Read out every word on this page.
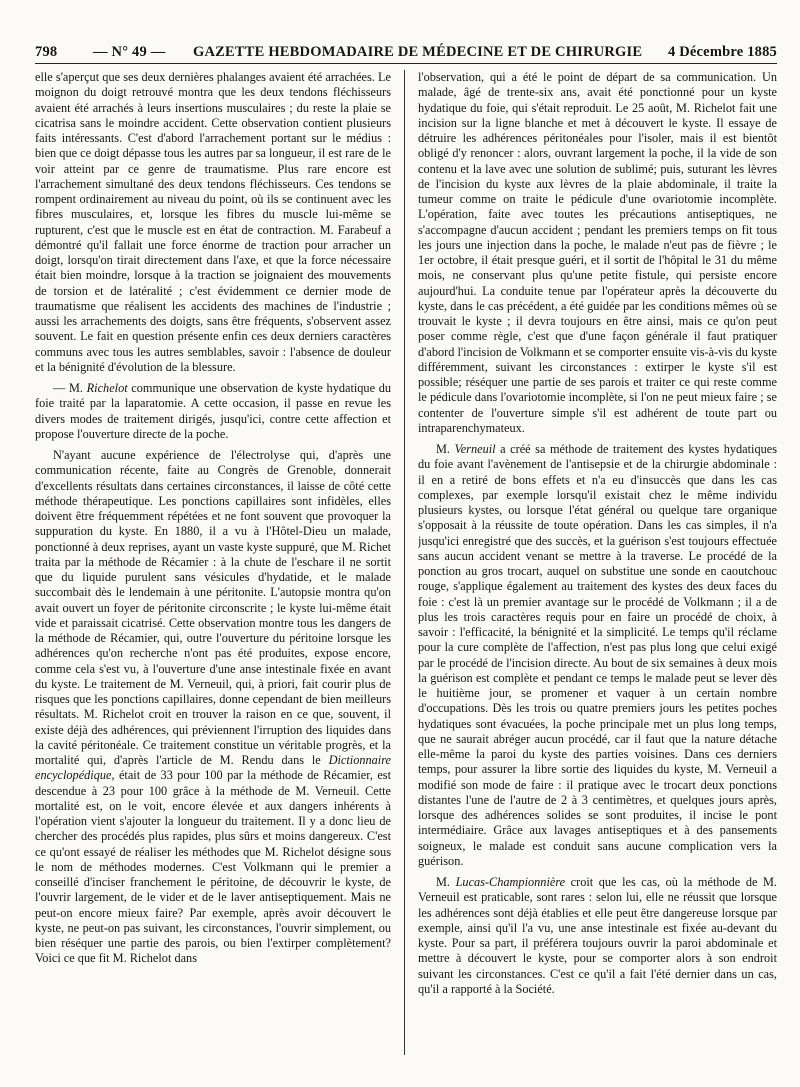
798 — N° 49 — GAZETTE HEBDOMADAIRE DE MÉDECINE ET DE CHIRURGIE 4 Décembre 1885

elle s'aperçut que ses deux dernières phalanges avaient été arrachées. Le moignon du doigt retrouvé montra que les deux tendons fléchisseurs avaient été arrachés à leurs insertions musculaires ; du reste la plaie se cicatrisa sans le moindre accident. Cette observation contient plusieurs faits intéressants. C'est d'abord l'arrachement portant sur le médius : bien que ce doigt dépasse tous les autres par sa longueur, il est rare de le voir atteint par ce genre de traumatisme. Plus rare encore est l'arrachement simultané des deux tendons fléchisseurs. Ces tendons se rompent ordinairement au niveau du point, où ils se continuent avec les fibres musculaires, et, lorsque les fibres du muscle lui-même se rupturent, c'est que le muscle est en état de contraction. M. Farabeuf a démontré qu'il fallait une force énorme de traction pour arracher un doigt, lorsqu'on tirait directement dans l'axe, et que la force nécessaire était bien moindre, lorsque à la traction se joignaient des mouvements de torsion et de latéralité ; c'est évidemment ce dernier mode de traumatisme que réalisent les accidents des machines de l'industrie ; aussi les arrachements des doigts, sans être fréquents, s'observent assez souvent. Le fait en question présente enfin ces deux derniers caractères communs avec tous les autres semblables, savoir : l'absence de douleur et la bénignité d'évolution de la blessure.

— M. Richelot communique une observation de kyste hydatique du foie traité par la laparatomie. A cette occasion, il passe en revue les divers modes de traitement dirigés, jusqu'ici, contre cette affection et propose l'ouverture directe de la poche.

N'ayant aucune expérience de l'électrolyse qui, d'après une communication récente, faite au Congrès de Grenoble, donnerait d'excellents résultats dans certaines circonstances, il laisse de côté cette méthode thérapeutique. Les ponctions capillaires sont infidèles, elles doivent être fréquemment répétées et ne font souvent que provoquer la suppuration du kyste. En 1880, il a vu à l'Hôtel-Dieu un malade, ponctionné à deux reprises, ayant un vaste kyste suppuré, que M. Richet traita par la méthode de Récamier : à la chute de l'eschare il ne sortit que du liquide purulent sans vésicules d'hydatide, et le malade succombait dès le lendemain à une péritonite. L'autopsie montra qu'on avait ouvert un foyer de péritonite circonscrite ; le kyste lui-même était vide et paraissait cicatrisé. Cette observation montre tous les dangers de la méthode de Récamier, qui, outre l'ouverture du péritoine lorsque les adhérences qu'on recherche n'ont pas été produites, expose encore, comme cela s'est vu, à l'ouverture d'une anse intestinale fixée en avant du kyste. Le traitement de M. Verneuil, qui, à priori, fait courir plus de risques que les ponctions capillaires, donne cependant de bien meilleurs résultats. M. Richelot croit en trouver la raison en ce que, souvent, il existe déjà des adhérences, qui préviennent l'irruption des liquides dans la cavité péritonéale. Ce traitement constitue un véritable progrès, et la mortalité qui, d'après l'article de M. Rendu dans le Dictionnaire encyclopédique, était de 33 pour 100 par la méthode de Récamier, est descendue à 23 pour 100 grâce à la méthode de M. Verneuil. Cette mortalité est, on le voit, encore élevée et aux dangers inhérents à l'opération vient s'ajouter la longueur du traitement. Il y a donc lieu de chercher des procédés plus rapides, plus sûrs et moins dangereux. C'est ce qu'ont essayé de réaliser les méthodes que M. Richelot désigne sous le nom de méthodes modernes. C'est Volkmann qui le premier a conseillé d'inciser franchement le péritoine, de découvrir le kyste, de l'ouvrir largement, de le vider et de le laver antiseptiquement. Mais ne peut-on encore mieux faire? Par exemple, après avoir découvert le kyste, ne peut-on pas suivant, les circonstances, l'ouvrir simplement, ou bien réséquer une partie des parois, ou bien l'extirper complètement? Voici ce que fit M. Richelot dans

l'observation, qui a été le point de départ de sa communication. Un malade, âgé de trente-six ans, avait été ponctionné pour un kyste hydatique du foie, qui s'était reproduit. Le 25 août, M. Richelot fait une incision sur la ligne blanche et met à découvert le kyste. Il essaye de détruire les adhérences péritonéales pour l'isoler, mais il est bientôt obligé d'y renoncer : alors, ouvrant largement la poche, il la vide de son contenu et la lave avec une solution de sublimé; puis, suturant les lèvres de l'incision du kyste aux lèvres de la plaie abdominale, il traite la tumeur comme on traite le pédicule d'une ovariotomie incomplète. L'opération, faite avec toutes les précautions antiseptiques, ne s'accompagne d'aucun accident ; pendant les premiers temps on fit tous les jours une injection dans la poche, le malade n'eut pas de fièvre ; le 1er octobre, il était presque guéri, et il sortit de l'hôpital le 31 du même mois, ne conservant plus qu'une petite fistule, qui persiste encore aujourd'hui. La conduite tenue par l'opérateur après la découverte du kyste, dans le cas précédent, a été guidée par les conditions mêmes où se trouvait le kyste ; il devra toujours en être ainsi, mais ce qu'on peut poser comme règle, c'est que d'une façon générale il faut pratiquer d'abord l'incision de Volkmann et se comporter ensuite vis-à-vis du kyste différemment, suivant les circonstances : extirper le kyste s'il est possible; réséquer une partie de ses parois et traiter ce qui reste comme le pédicule dans l'ovariotomie incomplète, si l'on ne peut mieux faire ; se contenter de l'ouverture simple s'il est adhérent de toute part ou intraparenchymateux.

M. Verneuil a créé sa méthode de traitement des kystes hydatiques du foie avant l'avènement de l'antisepsie et de la chirurgie abdominale : il en a retiré de bons effets et n'a eu d'insuccès que dans les cas complexes, par exemple lorsqu'il existait chez le même individu plusieurs kystes, ou lorsque l'état général ou quelque tare organique s'opposait à la réussite de toute opération. Dans les cas simples, il n'a jusqu'ici enregistré que des succès, et la guérison s'est toujours effectuée sans aucun accident venant se mettre à la traverse. Le procédé de la ponction au gros trocart, auquel on substitue une sonde en caoutchouc rouge, s'applique également au traitement des kystes des deux faces du foie : c'est là un premier avantage sur le procédé de Volkmann ; il a de plus les trois caractères requis pour en faire un procédé de choix, à savoir : l'efficacité, la bénignité et la simplicité. Le temps qu'il réclame pour la cure complète de l'affection, n'est pas plus long que celui exigé par le procédé de l'incision directe. Au bout de six semaines à deux mois la guérison est complète et pendant ce temps le malade peut se lever dès le huitième jour, se promener et vaquer à un certain nombre d'occupations. Dès les trois ou quatre premiers jours les petites poches hydatiques sont évacuées, la poche principale met un plus long temps, que ne saurait abréger aucun procédé, car il faut que la nature détache elle-même la paroi du kyste des parties voisines. Dans ces derniers temps, pour assurer la libre sortie des liquides du kyste, M. Verneuil a modifié son mode de faire : il pratique avec le trocart deux ponctions distantes l'une de l'autre de 2 à 3 centimètres, et quelques jours après, lorsque des adhérences solides se sont produites, il incise le pont intermédiaire. Grâce aux lavages antiseptiques et à des pansements soigneux, le malade est conduit sans aucune complication vers la guérison.

M. Lucas-Championnière croit que les cas, où la méthode de M. Verneuil est praticable, sont rares : selon lui, elle ne réussit que lorsque les adhérences sont déjà établies et elle peut être dangereuse lorsque par exemple, ainsi qu'il l'a vu, une anse intestinale est fixée au-devant du kyste. Pour sa part, il préférera toujours ouvrir la paroi abdominale et mettre à découvert le kyste, pour se comporter alors à son endroit suivant les circonstances. C'est ce qu'il a fait l'été dernier dans un cas, qu'il a rapporté à la Société.
